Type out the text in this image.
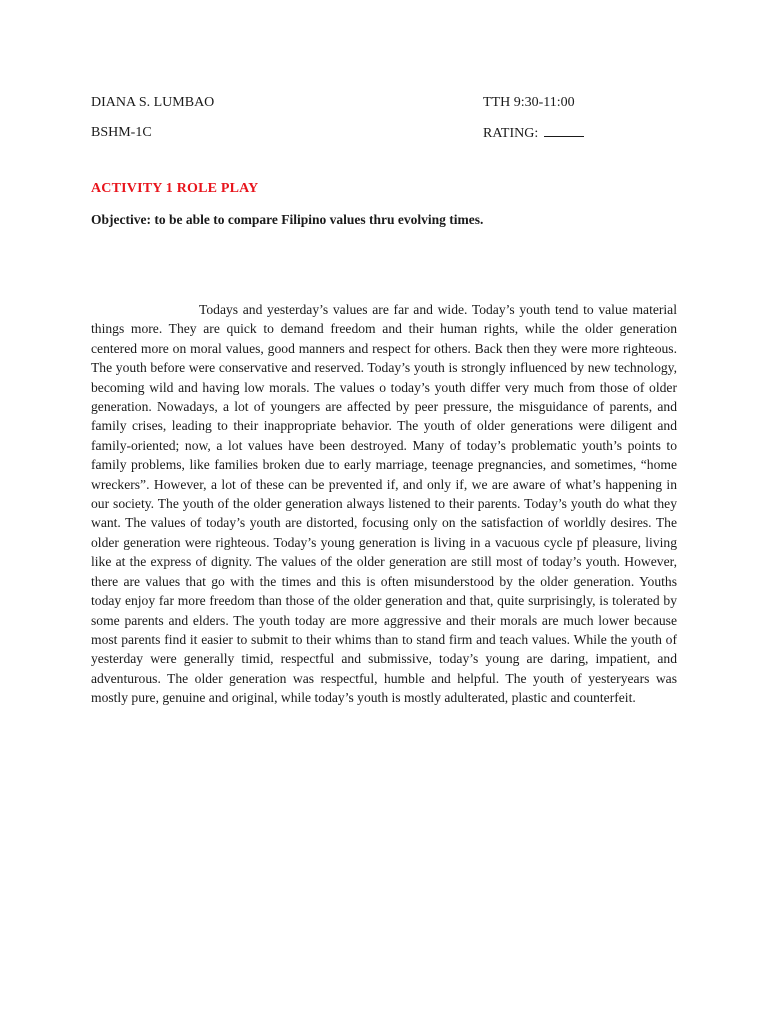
DIANA S. LUMBAO	TTH 9:30-11:00
BSHM-1C	RATING:
ACTIVITY 1 ROLE PLAY
Objective: to be able to compare Filipino values thru evolving times.

Todays and yesterday’s values are far and wide. Today’s youth tend to value material things more. They are quick to demand freedom and their human rights, while the older generation centered more on moral values, good manners and respect for others. Back then they were more righteous. The youth before were conservative and reserved. Today’s youth is strongly influenced by new technology, becoming wild and having low morals. The values o today’s youth differ very much from those of older generation. Nowadays, a lot of youngers are affected by peer pressure, the misguidance of parents, and family crises, leading to their inappropriate behavior. The youth of older generations were diligent and family-oriented; now, a lot values have been destroyed. Many of today’s problematic youth’s points to family problems, like families broken due to early marriage, teenage pregnancies, and sometimes, “home wreckers”. However, a lot of these can be prevented if, and only if, we are aware of what’s happening in our society. The youth of the older generation always listened to their parents. Today’s youth do what they want. The values of today’s youth are distorted, focusing only on the satisfaction of worldly desires. The older generation were righteous. Today’s young generation is living in a vacuous cycle pf pleasure, living like at the express of dignity. The values of the older generation are still most of today’s youth. However, there are values that go with the times and this is often misunderstood by the older generation. Youths today enjoy far more freedom than those of the older generation and that, quite surprisingly, is tolerated by some parents and elders. The youth today are more aggressive and their morals are much lower because most parents find it easier to submit to their whims than to stand firm and teach values. While the youth of yesterday were generally timid, respectful and submissive, today’s young are daring, impatient, and adventurous. The older generation was respectful, humble and helpful. The youth of yesteryears was mostly pure, genuine and original, while today’s youth is mostly adulterated, plastic and counterfeit.
